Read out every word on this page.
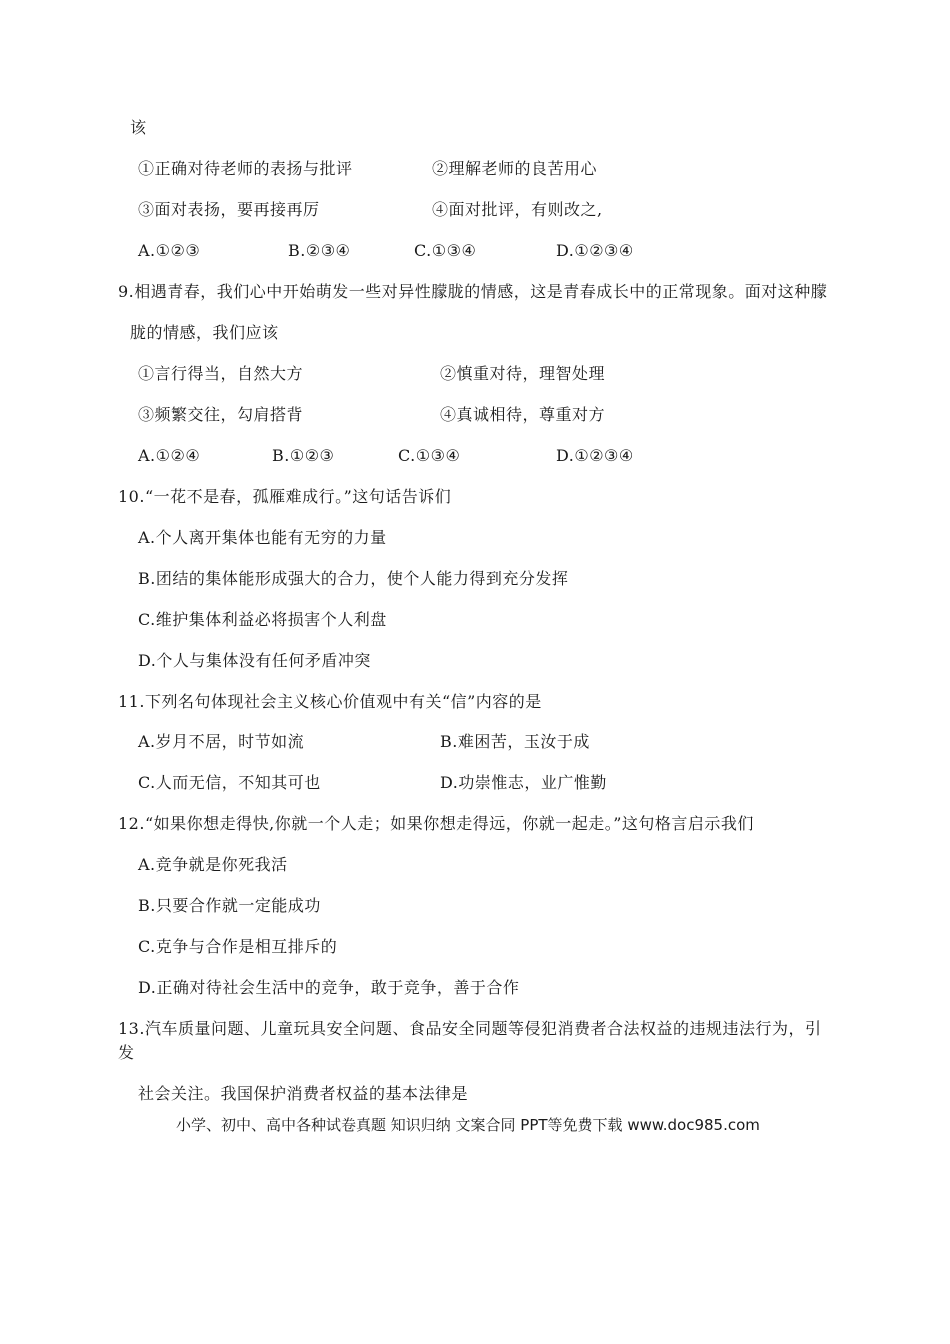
该
①正确对待老师的表扬与批评	②理解老师的良苦用心
③面对表扬，要再接再厉	④面对批评，有则改之,
A.①②③	B.②③④	C.①③④	D.①②③④
9.相遇青春，我们心中开始萌发一些对异性朦胧的情感，这是青春成长中的正常现象。面对这种朦
胧的情感，我们应该
①言行得当，自然大方	②慎重对待，理智处理
③频繁交往，勾肩搭背	④真诚相待，尊重对方
A.①②④	B.①②③	C.①③④	D.①②③④
10.“一花不是春，孤雁难成行。”这句话告诉们
A.个人离开集体也能有无穷的力量
B.团结的集体能形成强大的合力，使个人能力得到充分发挥
C.维护集体利益必将损害个人利盘
D.个人与集体没有任何矛盾冲突
11.下列名句体现社会主义核心价值观中有关“信”内容的是
A.岁月不居，时节如流	B.难困苦，玉汝于成
C.人而无信，不知其可也	D.功崇惟志，业广惟勤
12.“如果你想走得快,你就一个人走；如果你想走得远，你就一起走。”这句格言启示我们
A.竞争就是你死我活
B.只要合作就一定能成功
C.克争与合作是相互排斥的
D.正确对待社会生活中的竞争，敢于竞争，善于合作
13.汽车质量问题、儿童玩具安全问题、食品安全同题等侵犯消费者合法权益的违规违法行为，引
发
社会关注。我国保护消费者权益的基本法律是
小学、初中、高中各种试卷真题 知识归纳 文案合同 PPT等免费下载 www.doc985.com
